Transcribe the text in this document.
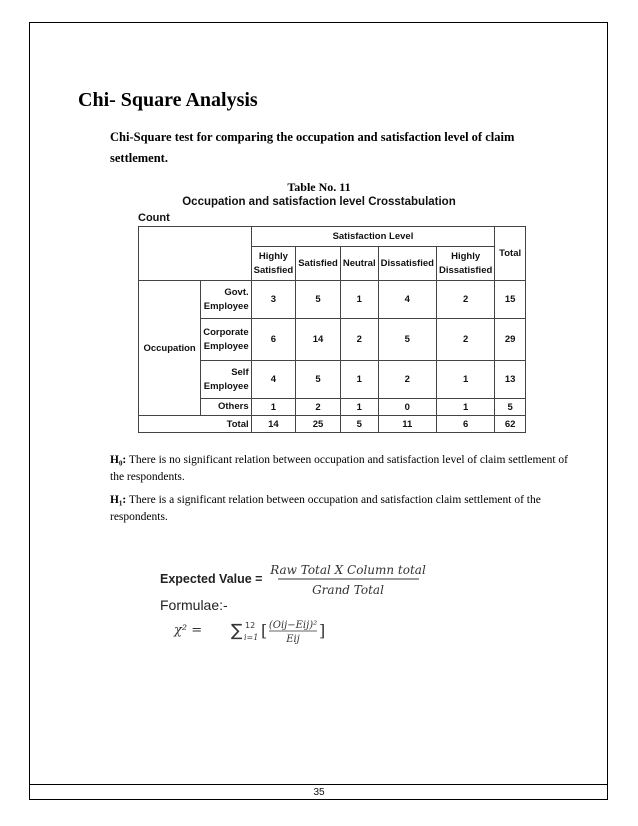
Chi- Square Analysis
Chi-Square test for comparing the occupation and satisfaction level of claim settlement.
Table No. 11
Occupation and satisfaction level Crosstabulation
Count
		Satisfaction Level					Total
		Highly Satisfied	Satisfied	Neutral	Dissatisfied	Highly Dissatisfied	
Occupation	Govt. Employee	3	5	1	4	2	15
	Corporate Employee	6	14	2	5	2	29
	Self Employee	4	5	1	2	1	13
	Others	1	2	1	0	1	5
Total		14	25	5	11	6	62
H₀: There is no significant relation between occupation and satisfaction level of claim settlement of the respondents.
H₁: There is a significant relation between occupation and satisfaction claim settlement of the respondents.
Expected Value =
Raw Total X Column total
Grand Total
Formulae:-
χ² = ∑ 12
i=1 [ (Oij−Eij)²
Eij ]
35
